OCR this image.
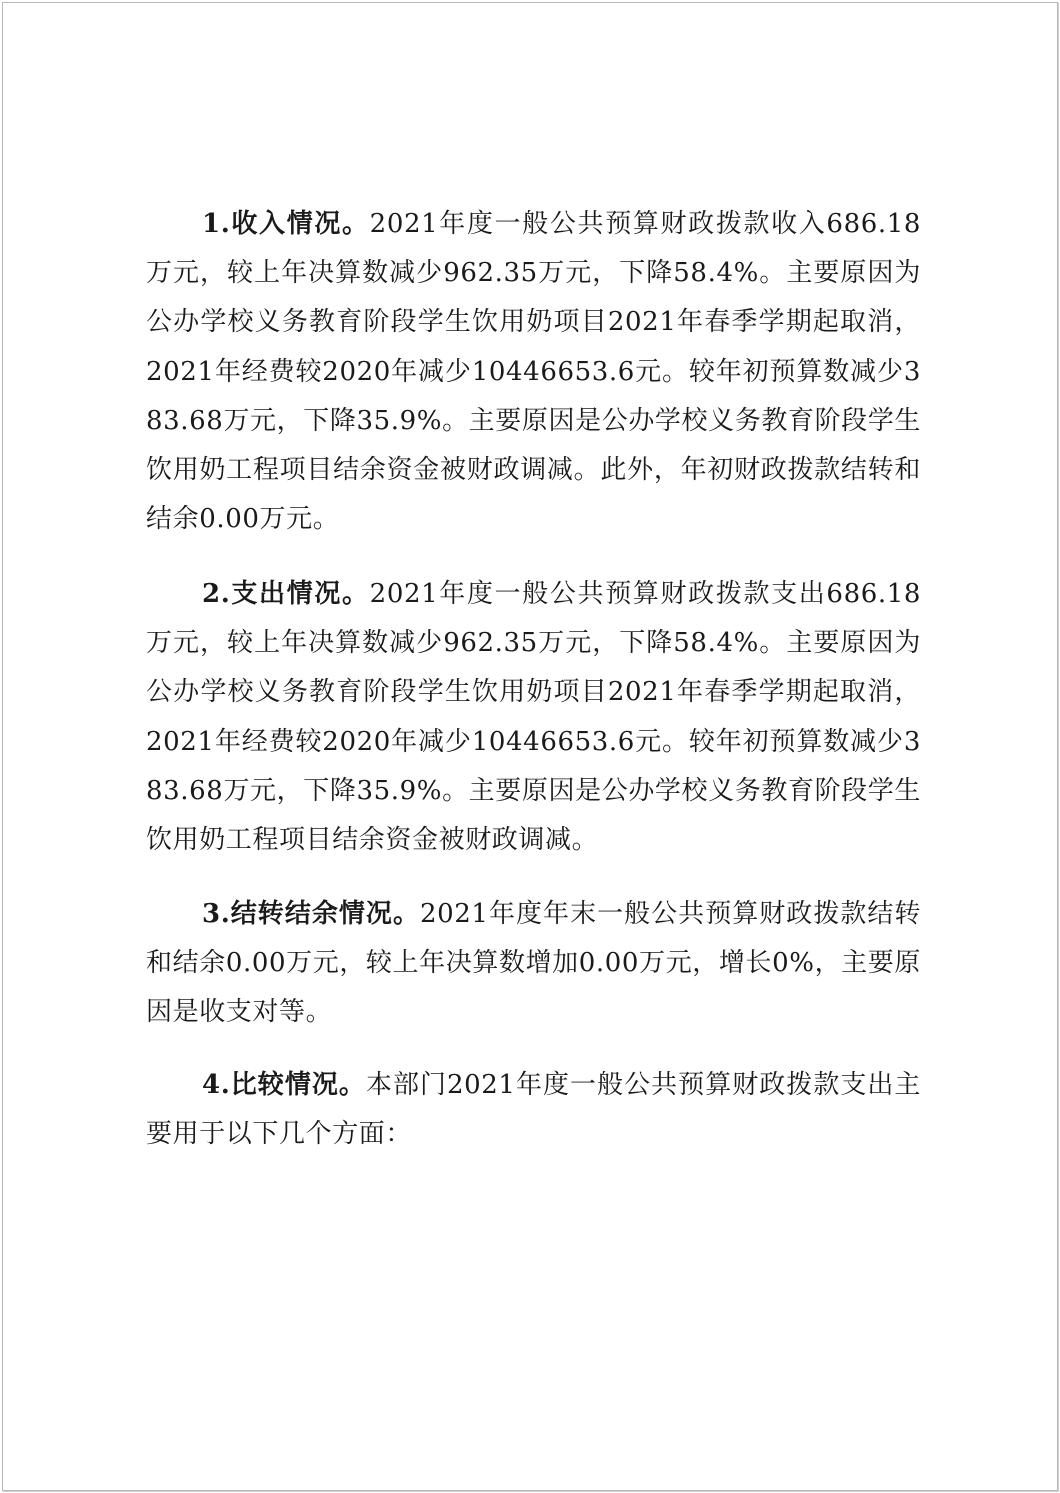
1.收入情况。2021年度一般公共预算财政拨款收入686.18万元，较上年决算数减少962.35万元，下降58.4%。主要原因为公办学校义务教育阶段学生饮用奶项目2021年春季学期起取消，2021年经费较2020年减少10446653.6元。较年初预算数减少383.68万元，下降35.9%。主要原因是公办学校义务教育阶段学生饮用奶工程项目结余资金被财政调减。此外，年初财政拨款结转和结余0.00万元。

2.支出情况。2021年度一般公共预算财政拨款支出686.18万元，较上年决算数减少962.35万元，下降58.4%。主要原因为公办学校义务教育阶段学生饮用奶项目2021年春季学期起取消，2021年经费较2020年减少10446653.6元。较年初预算数减少383.68万元，下降35.9%。主要原因是公办学校义务教育阶段学生饮用奶工程项目结余资金被财政调减。

3.结转结余情况。2021年度年末一般公共预算财政拨款结转和结余0.00万元，较上年决算数增加0.00万元，增长0%，主要原因是收支对等。

4.比较情况。本部门2021年度一般公共预算财政拨款支出主要用于以下几个方面：
